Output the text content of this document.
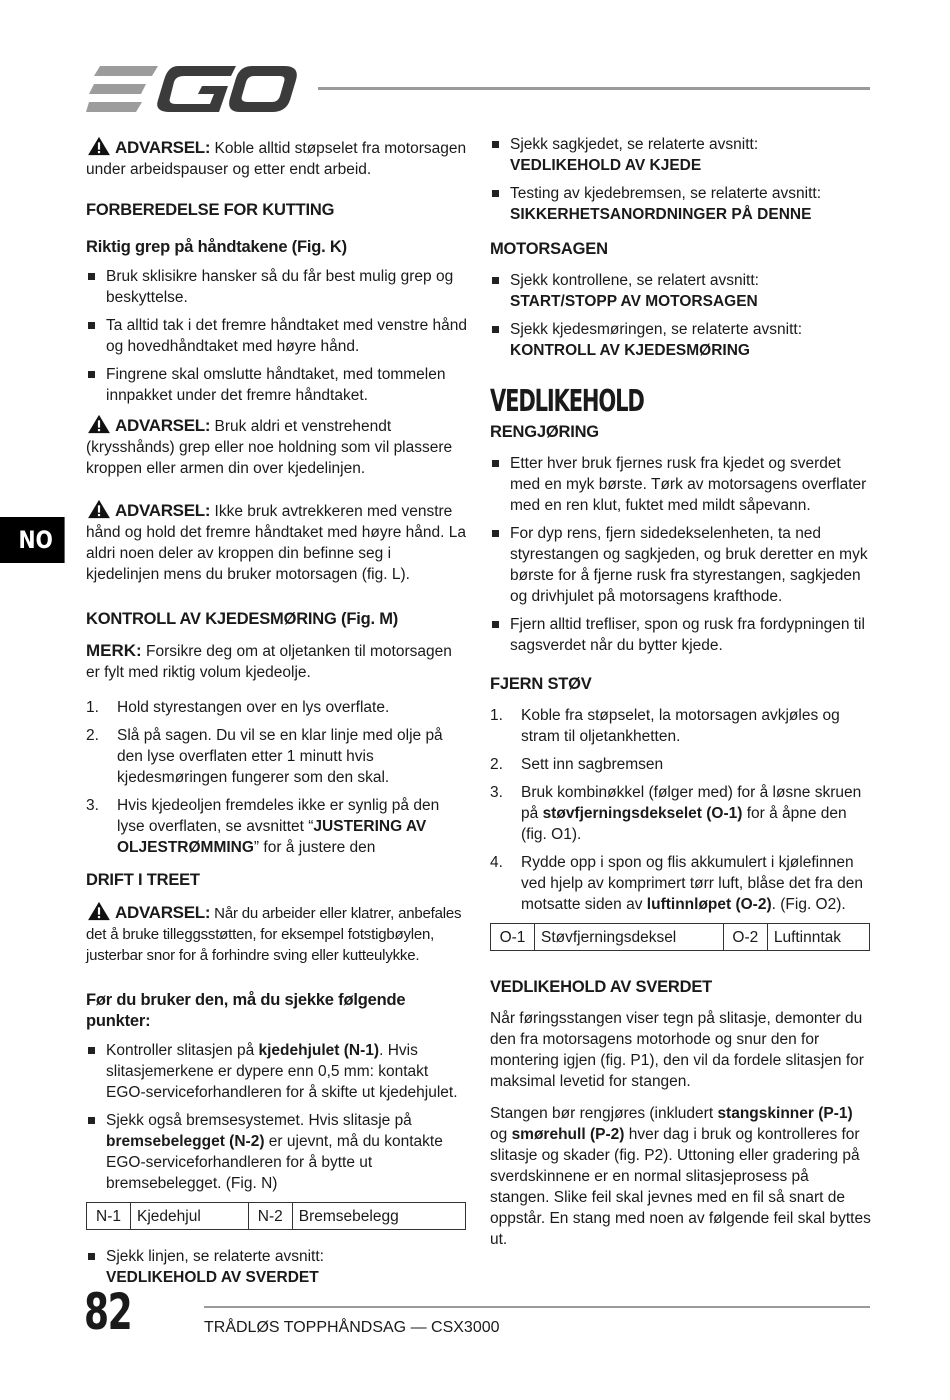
NO

ADVARSEL: Koble alltid støpselet fra motorsagen under arbeidspauser og etter endt arbeid.

FORBEREDELSE FOR KUTTING
Riktig grep på håndtakene (Fig. K)
Bruk sklisikre hansker så du får best mulig grep og beskyttelse.
Ta alltid tak i det fremre håndtaket med venstre hånd og hovedhåndtaket med høyre hånd.
Fingrene skal omslutte håndtaket, med tommelen innpakket under det fremre håndtaket.

ADVARSEL: Bruk aldri et venstrehendt (krysshånds) grep eller noe holdning som vil plassere kroppen eller armen din over kjedelinjen.

ADVARSEL: Ikke bruk avtrekkeren med venstre hånd og hold det fremre håndtaket med høyre hånd. La aldri noen deler av kroppen din befinne seg i kjedelinjen mens du bruker motorsagen (fig. L).

KONTROLL AV KJEDESMØRING (Fig. M)

MERK: Forsikre deg om at oljetanken til motorsagen er fylt med riktig volum kjedeolje.

1. Hold styrestangen over en lys overflate.
2. Slå på sagen. Du vil se en klar linje med olje på den lyse overflaten etter 1 minutt hvis kjedesmøringen fungerer som den skal.
3. Hvis kjedeoljen fremdeles ikke er synlig på den lyse overflaten, se avsnittet “JUSTERING AV OLJESTRØMMING” for å justere den
DRIFT I TREET

ADVARSEL: Når du arbeider eller klatrer, anbefales det å bruke tilleggsstøtten, for eksempel fotstigbøylen, justerbar snor for å forhindre sving eller kutteulykke.

Før du bruker den, må du sjekke følgende punkter:
Kontroller slitasjen på kjedehjulet (N-1). Hvis slitasjemerkene er dypere enn 0,5 mm: kontakt EGO-serviceforhandleren for å skifte ut kjedehjulet.
Sjekk også bremsesystemet. Hvis slitasje på bremsebelegget (N-2) er ujevnt, må du kontakte EGO-serviceforhandleren for å bytte ut bremsebelegget. (Fig. N)
N-1	Kjedehjul	N-2	Bremsebelegg
Sjekk linjen, se relaterte avsnitt:
VEDLIKEHOLD AV SVERDET
Sjekk sagkjedet, se relaterte avsnitt:
VEDLIKEHOLD AV KJEDE
Testing av kjedebremsen, se relaterte avsnitt:
SIKKERHETSANORDNINGER PÅ DENNE
MOTORSAGEN
Sjekk kontrollene, se relatert avsnitt:
START/STOPP AV MOTORSAGEN
Sjekk kjedesmøringen, se relaterte avsnitt:
KONTROLL AV KJEDESMØRING
VEDLIKEHOLD
RENGJØRING
Etter hver bruk fjernes rusk fra kjedet og sverdet med en myk børste. Tørk av motorsagens overflater med en ren klut, fuktet med mildt såpevann.
For dyp rens, fjern sidedekselenheten, ta ned styrestangen og sagkjeden, og bruk deretter en myk børste for å fjerne rusk fra styrestangen, sagkjeden og drivhjulet på motorsagens krafthode.
Fjern alltid trefliser, spon og rusk fra fordypningen til sagsverdet når du bytter kjede.
FJERN STØV
1. Koble fra støpselet, la motorsagen avkjøles og stram til oljetankhetten.
2. Sett inn sagbremsen
3. Bruk kombinøkkel (følger med) for å løsne skruen på støvfjerningsdekselet (O-1) for å åpne den (fig. O1).
4. Rydde opp i spon og flis akkumulert i kjølefinnen ved hjelp av komprimert tørr luft, blåse det fra den motsatte siden av luftinnløpet (O-2). (Fig. O2).
O-1	Støvfjerningsdeksel	O-2	Luftinntak
VEDLIKEHOLD AV SVERDET

Når føringsstangen viser tegn på slitasje, demonter du den fra motorsagens motorhode og snur den for montering igjen (fig. P1), den vil da fordele slitasjen for maksimal levetid for stangen.

Stangen bør rengjøres (inkludert stangskinner (P-1) og smørehull (P-2) hver dag i bruk og kontrolleres for slitasje og skader (fig. P2). Uttoning eller gradering på sverdskinnene er en normal slitasjeprosess på stangen. Slike feil skal jevnes med en fil så snart de oppstår. En stang med noen av følgende feil skal byttes ut.

82	TRÅDLØS TOPPHÅNDSAG — CSX3000
